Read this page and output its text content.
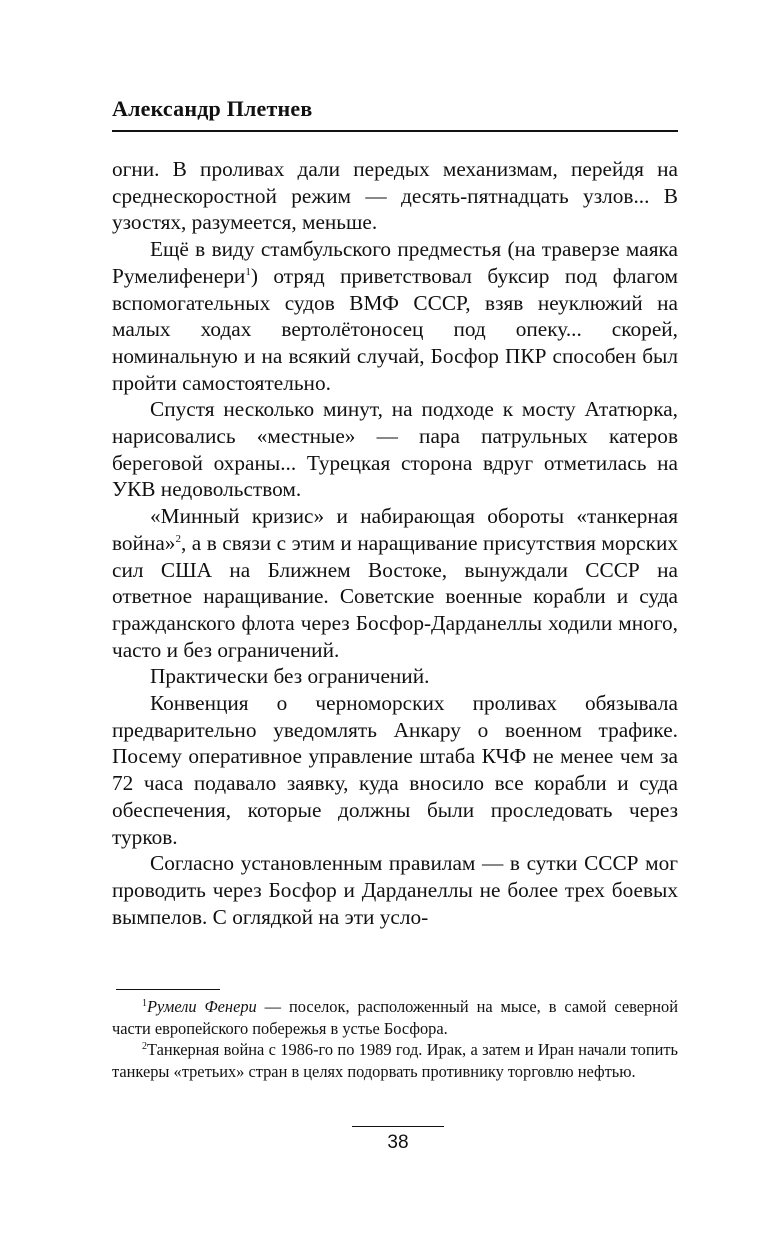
Александр Плетнев

огни. В проливах дали передых механизмам, перейдя на среднескоростной режим — десять-пятнадцать узлов... В узостях, разумеется, меньше.

Ещё в виду стамбульского предместья (на траверзе маяка Румелифенери$^1$) отряд приветствовал буксир под флагом вспомогательных судов ВМФ СССР, взяв неуклюжий на малых ходах вертолётоносец под опеку... скорей, номинальную и на всякий случай, Босфор ПКР способен был пройти самостоятельно.

Спустя несколько минут, на подходе к мосту Ататюрка, нарисовались «местные» — пара патрульных катеров береговой охраны... Турецкая сторона вдруг отметилась на УКВ недовольством.

«Минный кризис» и набирающая обороты «танкерная война»$^2$, а в связи с этим и наращивание присутствия морских сил США на Ближнем Востоке, вынуждали СССР на ответное наращивание. Советские военные корабли и суда гражданского флота через Босфор-Дарданеллы ходили много, часто и без ограничений.

Практически без ограничений.

Конвенция о черноморских проливах обязывала предварительно уведомлять Анкару о военном трафике. Посему оперативное управление штаба КЧФ не менее чем за 72 часа подавало заявку, куда вносило все корабли и суда обеспечения, которые должны были проследовать через турков.

Согласно установленным правилам — в сутки СССР мог проводить через Босфор и Дарданеллы не более трех боевых вымпелов. С оглядкой на эти усло-

$^1$Румели Фенери — поселок, расположенный на мысе, в самой северной части европейского побережья в устье Босфора.

$^2$Танкерная война с 1986-го по 1989 год. Ирак, а затем и Иран начали топить танкеры «третьих» стран в целях подорвать противнику торговлю нефтью.

38
